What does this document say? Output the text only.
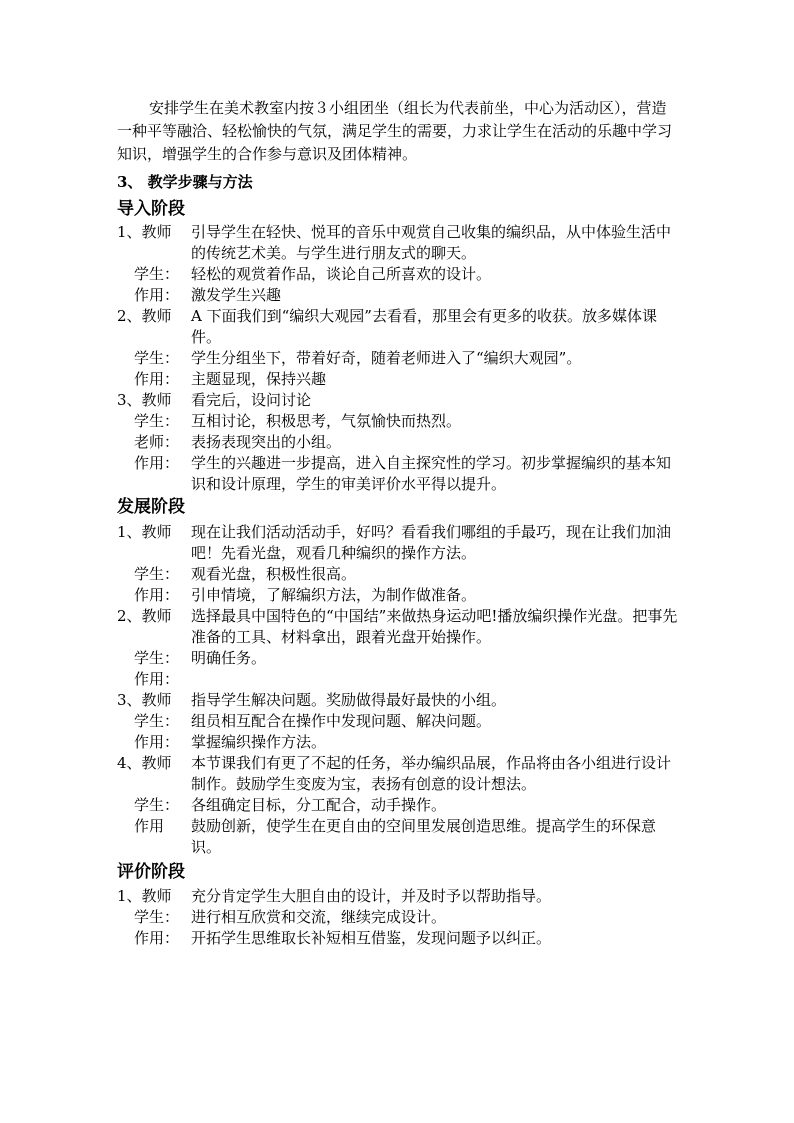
安排学生在美术教室内按３小组团坐（组长为代表前坐，中心为活动区），营造一种平等融洽、轻松愉快的气氛，满足学生的需要，力求让学生在活动的乐趣中学习知识，增强学生的合作参与意识及团体精神。

3、 教学步骤与方法

导入阶段

1、教师	引导学生在轻快、悦耳的音乐中观赏自己收集的编织品，从中体验生活中的传统艺术美。与学生进行朋友式的聊天。
学生： 轻松的观赏着作品，谈论自己所喜欢的设计。
作用： 激发学生兴趣
2、教师	A 下面我们到“编织大观园”去看看，那里会有更多的收获。放多媒体课件。
学生： 学生分组坐下，带着好奇，随着老师进入了“编织大观园”。
作用： 主题显现，保持兴趣
3、教师	看完后，设问讨论
学生： 互相讨论，积极思考，气氛愉快而热烈。
老师： 表扬表现突出的小组。
作用： 学生的兴趣进一步提高，进入自主探究性的学习。初步掌握编织的基本知识和设计原理，学生的审美评价水平得以提升。

发展阶段

1、教师	现在让我们活动活动手，好吗？看看我们哪组的手最巧，现在让我们加油吧！先看光盘，观看几种编织的操作方法。
学生： 观看光盘，积极性很高。
作用： 引申情境，了解编织方法，为制作做准备。
2、教师	选择最具中国特色的“中国结”来做热身运动吧!播放编织操作光盘。把事先准备的工具、材料拿出，跟着光盘开始操作。
学生： 明确任务。
作用：
3、教师	指导学生解决问题。奖励做得最好最快的小组。
学生： 组员相互配合在操作中发现问题、解决问题。
作用： 掌握编织操作方法。
4、教师	本节课我们有更了不起的任务，举办编织品展，作品将由各小组进行设计制作。鼓励学生变废为宝，表扬有创意的设计想法。
学生： 各组确定目标，分工配合，动手操作。
作用	鼓励创新，使学生在更自由的空间里发展创造思维。提高学生的环保意识。

评价阶段

1、教师	充分肯定学生大胆自由的设计，并及时予以帮助指导。
学生： 进行相互欣赏和交流，继续完成设计。
作用： 开拓学生思维取长补短相互借鉴，发现问题予以纠正。
